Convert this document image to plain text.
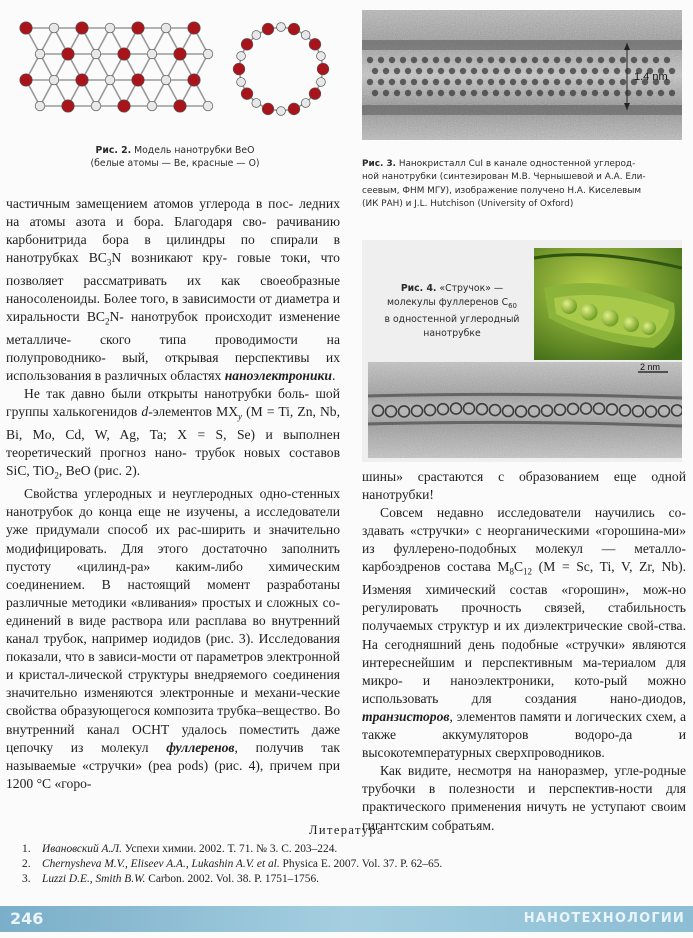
Рис. 2. Модель нанотрубки BeO
(белые атомы — Be, красные — O)
1.4 nm
Рис. 3. Нанокристалл CuI в канале одностенной углерод-
ной нанотрубки (синтезирован М.В. Чернышевой и А.А. Ели-
сеевым, ФНМ МГУ), изображение получено Н.А. Киселевым
(ИК РАН) и J.L. Hutchison (University of Oxford)
Рис. 4. «Стручок» —
молекулы фуллеренов $C_{60}$
в одностенной углеродный
нанотрубке
2 nm

частичным замещением атомов углерода в пос- ледних на атомы азота и бора. Благодаря сво- рачиванию карбонитрида бора в цилиндры по спирали в нанотрубках $BC_3N$ возникают кру- говые токи, что позволяет рассматривать их как своеобразные наносоленоиды. Более того, в зависимости от диаметра и хиральности $BC_2N-$ нанотрубок происходит изменение металличе- ского типа проводимости на полупроводнико- вый, открывая перспективы их использования в различных областях наноэлектроники.

Не так давно были открыты нанотрубки боль- шой группы халькогенидов d-элементов $MX_y$ (M = Ti, Zn, Nb, Bi, Mo, Cd, W, Ag, Ta; X = S, Se) и выполнен теоретический прогноз нано- трубок новых составов SiC, TiO$_2$, BeO (рис. 2).

Свойства углеродных и неуглеродных одно-стенных нанотрубок до конца еще не изучены, а исследователи уже придумали способ их рас-ширить и значительно модифицировать. Для этого достаточно заполнить пустоту «цилинд-ра» каким-либо химическим соединением. В настоящий момент разработаны различные методики «вливания» простых и сложных со-единений в виде раствора или расплава во внутренний канал трубок, например иодидов (рис. 3). Исследования показали, что в зависи-мости от параметров электронной и кристал-лической структуры внедряемого соединения значительно изменяются электронные и механи-ческие свойства образующегося композита трубка–вещество. Во внутренний канал ОСНТ удалось поместить даже цепочку из молекул фуллеренов, получив так называемые «стручки» (pea pods) (рис. 4), причем при 1200 °С «горо-

шины» срастаются с образованием еще одной нанотрубки!

Совсем недавно исследователи научились со-здавать «стручки» с неорганическими «горошина-ми» из фуллерено-подобных молекул — металло-карбоэдренов состава $M_8C_{12}$ (M = Sc, Ti, V, Zr, Nb). Изменяя химический состав «горошин», мож-но регулировать прочность связей, стабильность получаемых структур и их диэлектрические свой-ства. На сегодняшний день подобные «стручки» являются интереснейшим и перспективным ма-териалом для микро- и наноэлектроники, кото-рый можно использовать для создания нано-диодов, транзисторов, элементов памяти и логических схем, а также аккумуляторов водоро-да и высокотемпературных сверхпроводников.

Как видите, несмотря на наноразмер, угле-родные трубочки в полезности и перспектив-ности для практического применения ничуть не уступают своим гигантским собратьям.

Литература
1.	Ивановский А.Л. Успехи химии. 2002. Т. 71. № 3. С. 203–224.
2.	Chernysheva M.V., Eliseev A.A., Lukashin A.V. et al. Physica E. 2007. Vol. 37. P. 62–65.
3.	Luzzi D.E., Smith B.W. Carbon. 2002. Vol. 38. P. 1751–1756.
246	НАНОТЕХНОЛОГИИ
